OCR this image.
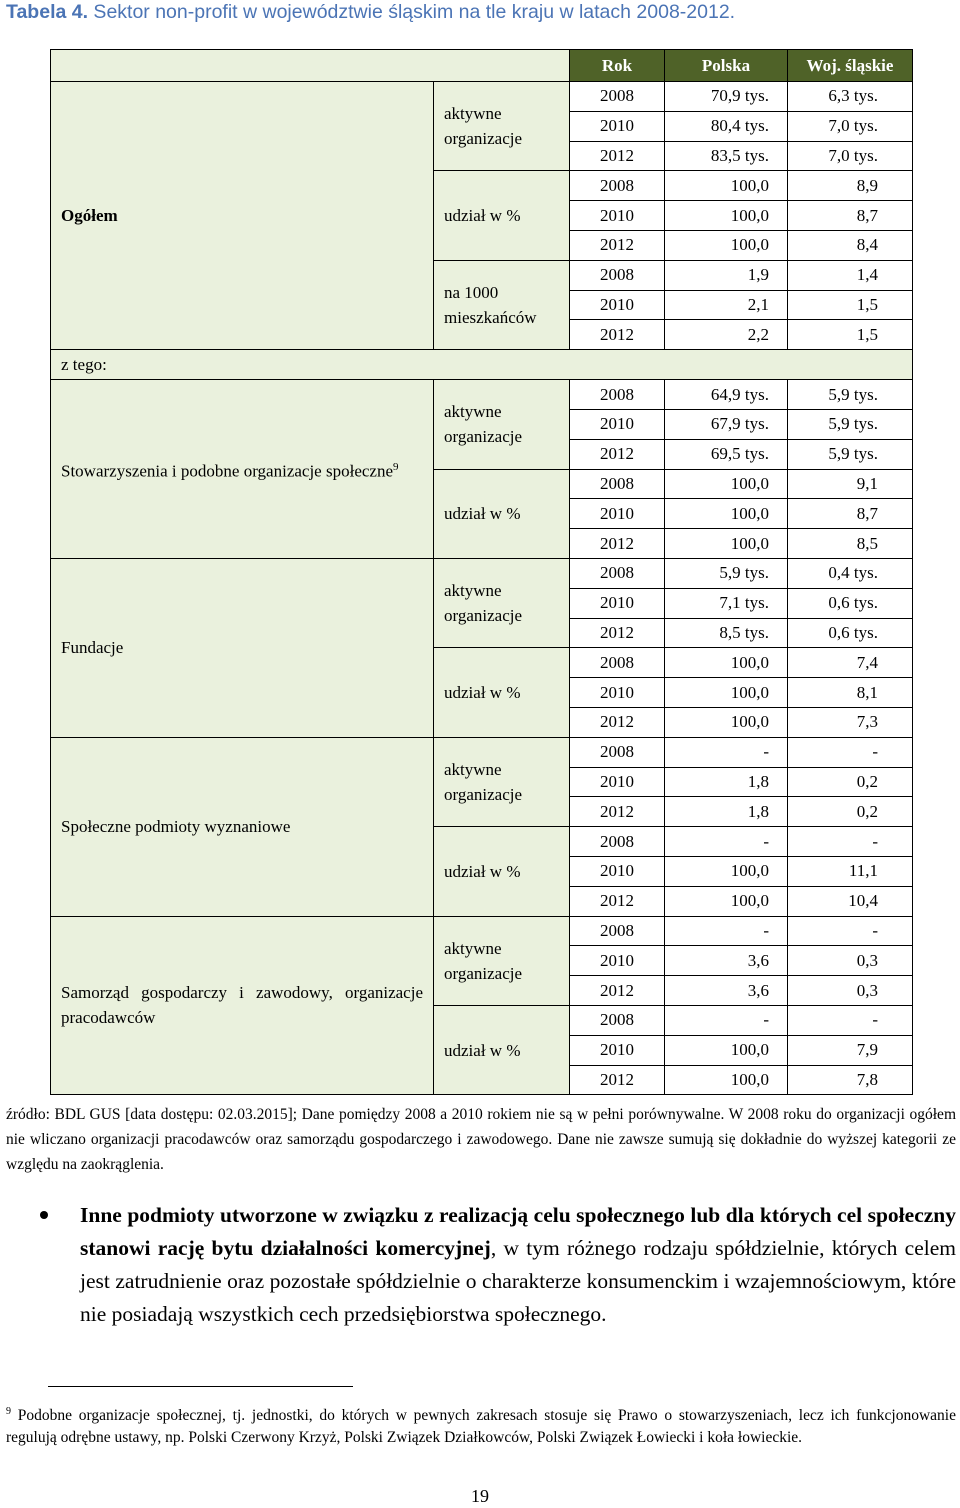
Tabela 4. Sektor non-profit w województwie śląskim na tle kraju w latach 2008-2012.
		Rok	Polska	Woj. śląskie
Ogółem	aktywne organizacje	2008	70,9 tys.	6,3 tys.
		2010	80,4 tys.	7,0 tys.
		2012	83,5 tys.	7,0 tys.
	udział w %	2008	100,0	8,9
		2010	100,0	8,7
		2012	100,0	8,4
	na 1000 mieszkańców	2008	1,9	1,4
		2010	2,1	1,5
		2012	2,2	1,5
z tego:				
Stowarzyszenia i podobne organizacje społeczne$^9$	aktywne organizacje	2008	64,9 tys.	5,9 tys.
		2010	67,9 tys.	5,9 tys.
		2012	69,5 tys.	5,9 tys.
	udział w %	2008	100,0	9,1
		2010	100,0	8,7
		2012	100,0	8,5
Fundacje	aktywne organizacje	2008	5,9 tys.	0,4 tys.
		2010	7,1 tys.	0,6 tys.
		2012	8,5 tys.	0,6 tys.
	udział w %	2008	100,0	7,4
		2010	100,0	8,1
		2012	100,0	7,3
Społeczne podmioty wyznaniowe	aktywne organizacje	2008	-	-
		2010	1,8	0,2
		2012	1,8	0,2
	udział w %	2008	-	-
		2010	100,0	11,1
		2012	100,0	10,4
Samorząd gospodarczy i zawodowy, organizacje pracodawców	aktywne organizacje	2008	-	-
		2010	3,6	0,3
		2012	3,6	0,3
	udział w %	2008	-	-
		2010	100,0	7,9
		2012	100,0	7,8
źródło: BDL GUS [data dostępu: 02.03.2015]; Dane pomiędzy 2008 a 2010 rokiem nie są w pełni porównywalne. W 2008 roku do organizacji ogółem nie wliczano organizacji pracodawców oraz samorządu gospodarczego i zawodowego. Dane nie zawsze sumują się dokładnie do wyższej kategorii ze względu na zaokrąglenia.
Inne podmioty utworzone w związku z realizacją celu społecznego lub dla których cel społeczny stanowi rację bytu działalności komercyjnej, w tym różnego rodzaju spółdzielnie, których celem jest zatrudnienie oraz pozostałe spółdzielnie o charakterze konsumenckim i wzajemnościowym, które nie posiadają wszystkich cech przedsiębiorstwa społecznego.
$^9$ Podobne organizacje społecznej, tj. jednostki, do których w pewnych zakresach stosuje się Prawo o stowarzyszeniach, lecz ich funkcjonowanie regulują odrębne ustawy, np. Polski Czerwony Krzyż, Polski Związek Działkowców, Polski Związek Łowiecki i koła łowieckie.
19
